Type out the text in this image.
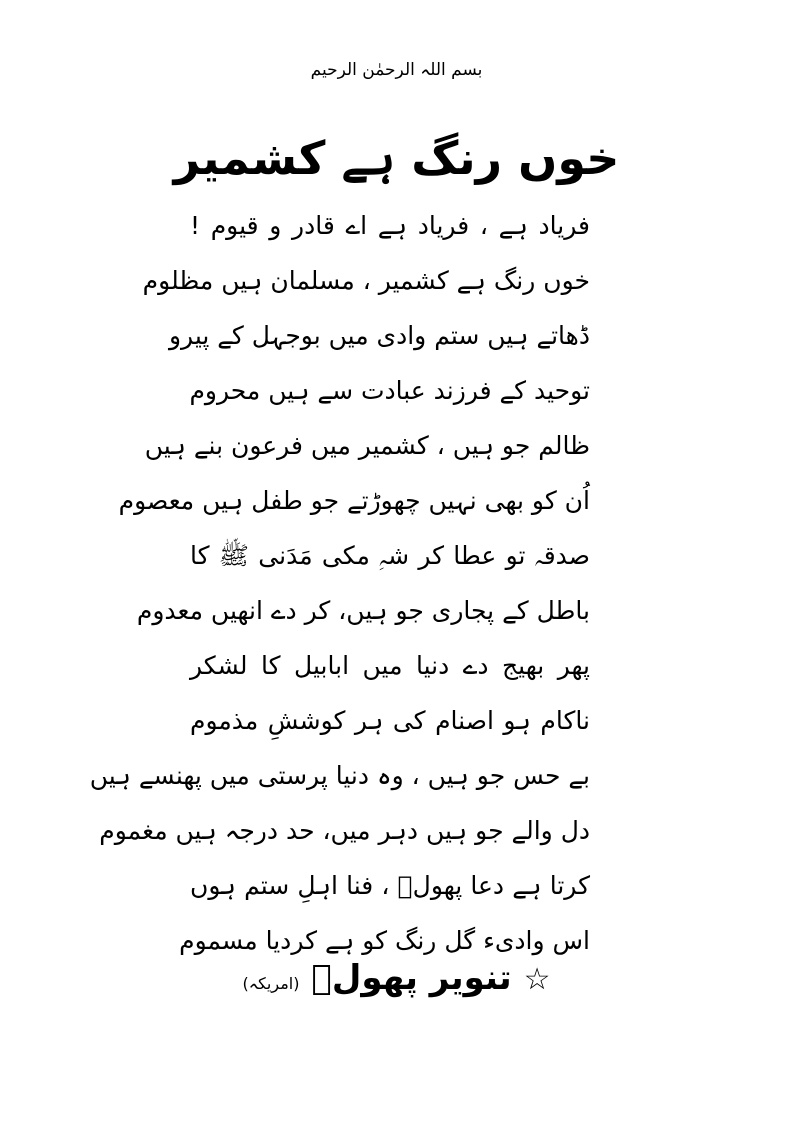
بسم اللہ الرحمٰن الرحیم
خوں رنگ ہے کشمیر
فریاد ہے ، فریاد ہے اے قادر و قیوم !
خوں رنگ ہے کشمیر ، مسلمان ہیں مظلوم
ڈھاتے ہیں ستم وادی میں بوجہل کے پیرو
توحید کے فرزند عبادت سے ہیں محروم
ظالم جو ہیں ، کشمیر میں فرعون بنے ہیں
اُن کو بھی نہیں چھوڑتے جو طفل ہیں معصوم
صدقہ تو عطا کر شہِ مکی مَدَنی ﷺ کا
باطل کے پجاری جو ہیں، کر دے انھیں معدوم
پھر بھیج دے دنیا میں ابابیل کا لشکر
ناکام ہو اصنام کی ہر کوششِ مذموم
بے حس جو ہیں ، وہ دنیا پرستی میں پھنسے ہیں
دل والے جو ہیں دہر میں، حد درجہ ہیں مغموم
کرتا ہے دعا پھولؔ ، فنا اہلِ ستم ہوں
اس وادیء گل رنگ کو ہے کردیا مسموم
☆
تنویر پھولؔ
(امریکہ)
